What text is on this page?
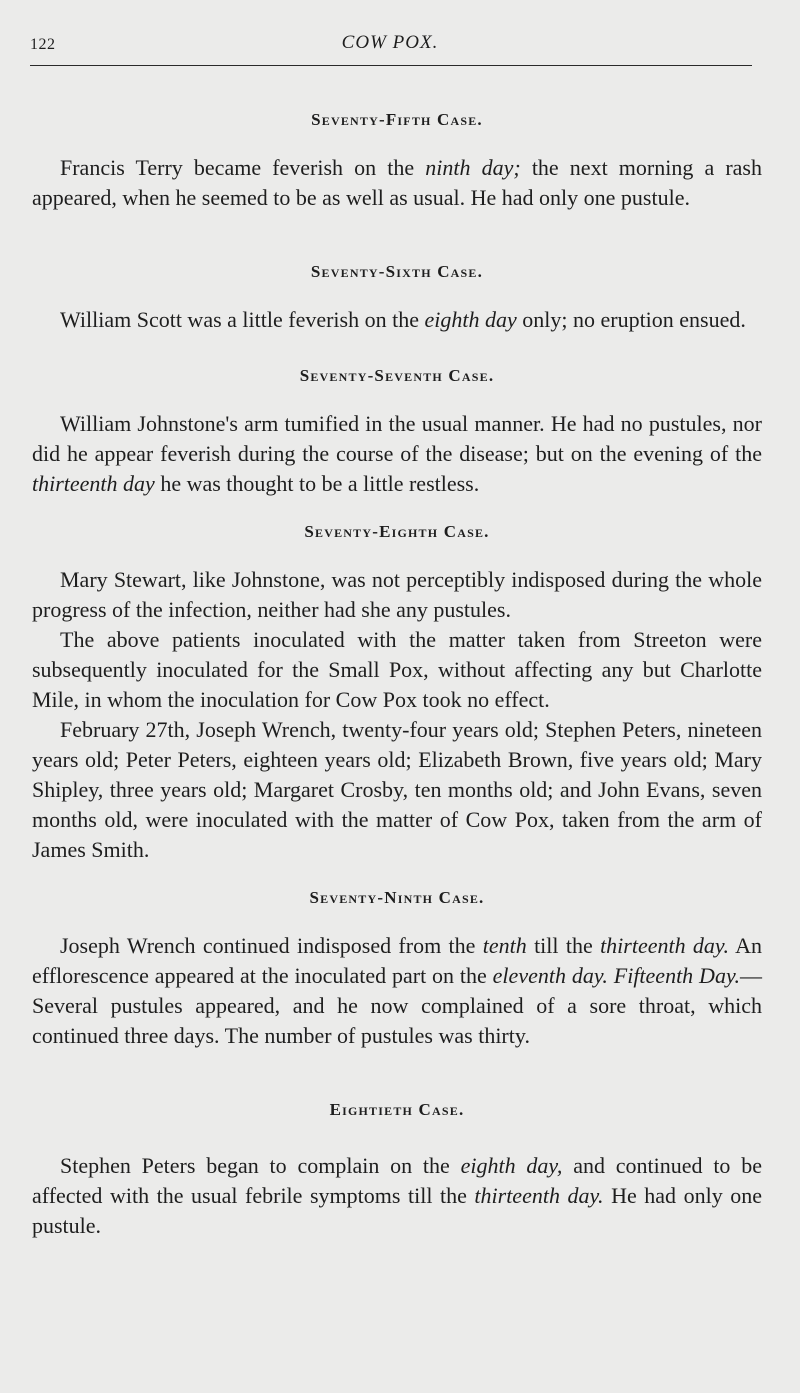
122	COW POX.
Seventy-Fifth Case.

Francis Terry became feverish on the ninth day; the next morning a rash appeared, when he seemed to be as well as usual. He had only one pustule.

Seventy-Sixth Case.

William Scott was a little feverish on the eighth day only; no eruption ensued.

Seventy-Seventh Case.

William Johnstone's arm tumified in the usual manner. He had no pustules, nor did he appear feverish during the course of the disease; but on the evening of the thirteenth day he was thought to be a little restless.

Seventy-Eighth Case.

Mary Stewart, like Johnstone, was not perceptibly indisposed during the whole progress of the infection, neither had she any pustules.

The above patients inoculated with the matter taken from Streeton were subsequently inoculated for the Small Pox, without affecting any but Charlotte Mile, in whom the inoculation for Cow Pox took no effect.

February 27th, Joseph Wrench, twenty-four years old; Stephen Peters, nineteen years old; Peter Peters, eighteen years old; Elizabeth Brown, five years old; Mary Shipley, three years old; Margaret Crosby, ten months old; and John Evans, seven months old, were inoculated with the matter of Cow Pox, taken from the arm of James Smith.

Seventy-Ninth Case.

Joseph Wrench continued indisposed from the tenth till the thirteenth day. An efflorescence appeared at the inoculated part on the eleventh day. Fifteenth Day.—Several pustules appeared, and he now complained of a sore throat, which continued three days. The number of pustules was thirty.

Eightieth Case.

Stephen Peters began to complain on the eighth day, and continued to be affected with the usual febrile symptoms till the thirteenth day. He had only one pustule.
